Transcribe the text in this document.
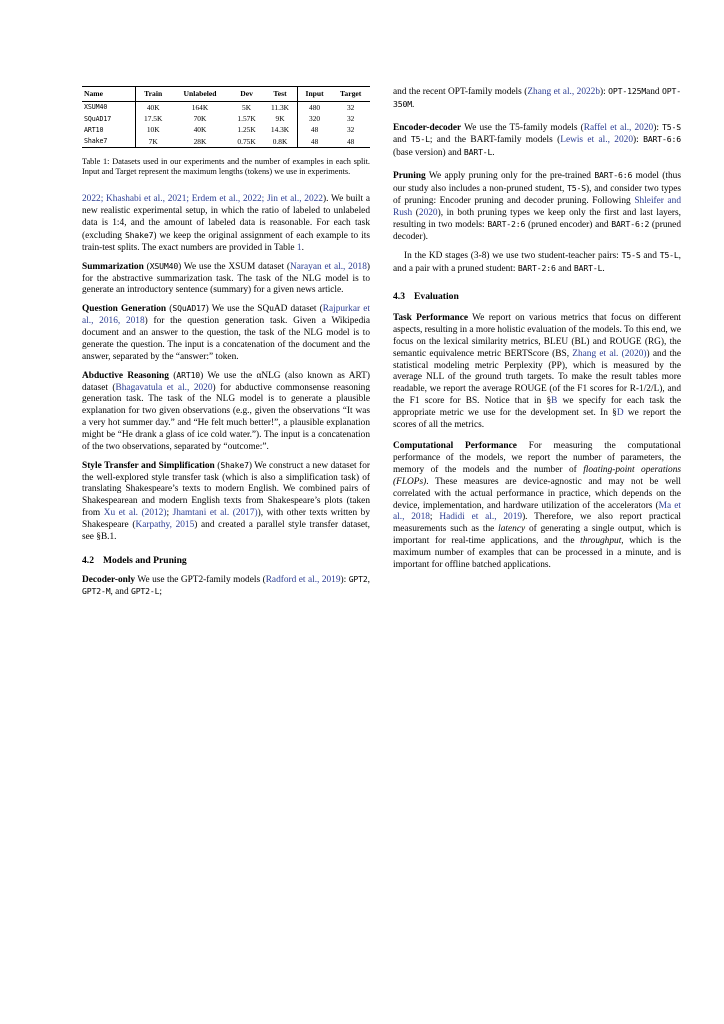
Name	Train	Unlabeled	Dev	Test	Input	Target
XSUM40	40K	164K	5K	11.3K	480	32
SQuAD17	17.5K	70K	1.57K	9K	320	32
ART10	10K	40K	1.25K	14.3K	48	32
Shake7	7K	28K	0.75K	0.8K	48	48
Table 1: Datasets used in our experiments and the number of examples in each split. Input and Target represent the maximum lengths (tokens) we use in experiments.

2022; Khashabi et al., 2021; Erdem et al., 2022; Jin et al., 2022). We built a new realistic experimental setup, in which the ratio of labeled to unlabeled data is 1:4, and the amount of labeled data is reasonable. For each task (excluding Shake7) we keep the original assignment of each example to its train-test splits. The exact numbers are provided in Table 1.

Summarization (XSUM40) We use the XSUM dataset (Narayan et al., 2018) for the abstractive summarization task. The task of the NLG model is to generate an introductory sentence (summary) for a given news article.

Question Generation (SQuAD17) We use the SQuAD dataset (Rajpurkar et al., 2016, 2018) for the question generation task. Given a Wikipedia document and an answer to the question, the task of the NLG model is to generate the question. The input is a concatenation of the document and the answer, separated by the “answer:” token.

Abductive Reasoning (ART10) We use the αNLG (also known as ART) dataset (Bhagavatula et al., 2020) for abductive commonsense reasoning generation task. The task of the NLG model is to generate a plausible explanation for two given observations (e.g., given the observations “It was a very hot summer day.” and “He felt much better!”, a plausible explanation might be “He drank a glass of ice cold water.”). The input is a concatenation of the two observations, separated by “outcome:”.

Style Transfer and Simplification (Shake7) We construct a new dataset for the well-explored style transfer task (which is also a simplification task) of translating Shakespeare’s texts to modern English. We combined pairs of Shakespearean and modern English texts from Shakespeare’s plots (taken from Xu et al. (2012); Jhamtani et al. (2017)), with other texts written by Shakespeare (Karpathy, 2015) and created a parallel style transfer dataset, see §B.1.

4.2 Models and Pruning

Decoder-only We use the GPT2-family models (Radford et al., 2019): GPT2, GPT2-M, and GPT2-L;

and the recent OPT-family models (Zhang et al., 2022b): OPT-125Mand OPT-350M.

Encoder-decoder We use the T5-family models (Raffel et al., 2020): T5-S and T5-L; and the BART-family models (Lewis et al., 2020): BART-6:6 (base version) and BART-L.

Pruning We apply pruning only for the pre-trained BART-6:6 model (thus our study also includes a non-pruned student, T5-S), and consider two types of pruning: Encoder pruning and decoder pruning. Following Shleifer and Rush (2020), in both pruning types we keep only the first and last layers, resulting in two models: BART-2:6 (pruned encoder) and BART-6:2 (pruned decoder).

In the KD stages (3-8) we use two student-teacher pairs: T5-S and T5-L, and a pair with a pruned student: BART-2:6 and BART-L.

4.3 Evaluation

Task Performance We report on various metrics that focus on different aspects, resulting in a more holistic evaluation of the models. To this end, we focus on the lexical similarity metrics, BLEU (BL) and ROUGE (RG), the semantic equivalence metric BERTScore (BS, Zhang et al. (2020)) and the statistical modeling metric Perplexity (PP), which is measured by the average NLL of the ground truth targets. To make the result tables more readable, we report the average ROUGE (of the F1 scores for R-1/2/L), and the F1 score for BS. Notice that in §B we specify for each task the appropriate metric we use for the development set. In §D we report the scores of all the metrics.

Computational Performance For measuring the computational performance of the models, we report the number of parameters, the memory of the models and the number of floating-point operations (FLOPs). These measures are device-agnostic and may not be well correlated with the actual performance in practice, which depends on the device, implementation, and hardware utilization of the accelerators (Ma et al., 2018; Hadidi et al., 2019). Therefore, we also report practical measurements such as the latency of generating a single output, which is important for real-time applications, and the throughput, which is the maximum number of examples that can be processed in a minute, and is important for offline batched applications.
